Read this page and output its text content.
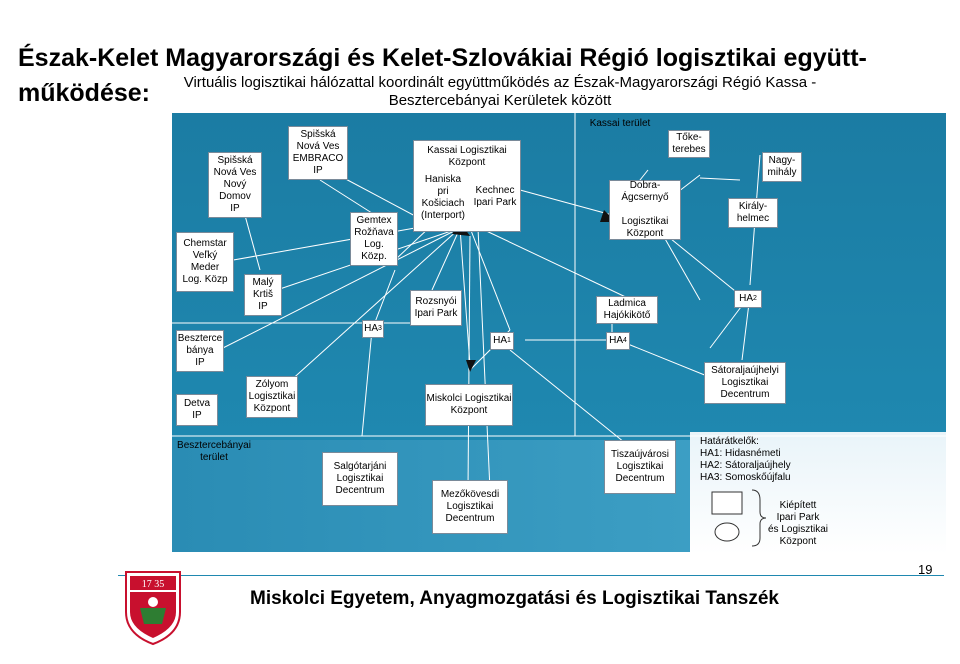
Észak-Kelet Magyarországi és Kelet-Szlovákiai Régió logisztikai együtt-
működése:	Virtuális logisztikai hálózattal koordinált együttműködés az Észak-Magyarországi Régió Kassa - Besztercebányai Kerületek között
Kassai terület
Besztercebányai
terület
Chemstar
Veľký
Meder
Log. Közp
Spišská
Nová Ves
Nový
Domov
IP
Malý
Krtiš
IP
Spišská
Nová Ves
EMBRACO
IP
Gemtex
Rožňava
Log.
Közp.
Kassai Logisztikai
Központ
Haniska
pri
Košiciach
(Interport)
Kechnec
Ipari Park
Rozsnyói
Ipari Park
Tőke-
terebes
Dobra-
Ágcsernyő

Logisztikai
Központ
Nagy-
mihály
Király-
helmec
Ladmica
Hajókikötő
Beszterce
bánya
IP
Detva
IP
Zólyom
Logisztikai
Központ
Miskolci Logisztikai
Központ
Sátoraljaújhelyi
Logisztikai
Decentrum
Salgótarjáni
Logisztikai
Decentrum	Mezőkövesdi
Logisztikai
Decentrum
Tiszaújvárosi
Logisztikai
Decentrum
HA 3
HA 1	HA 4
HA 2
Határátkelők:
HA1: Hidasnémeti
HA2: Sátoraljaújhely
HA3: Somoskőújfalu
Kiépített
Ipari Park
és Logisztikai
Központ
17 35
Miskolci Egyetem, Anyagmozgatási és Logisztikai Tanszék
19
